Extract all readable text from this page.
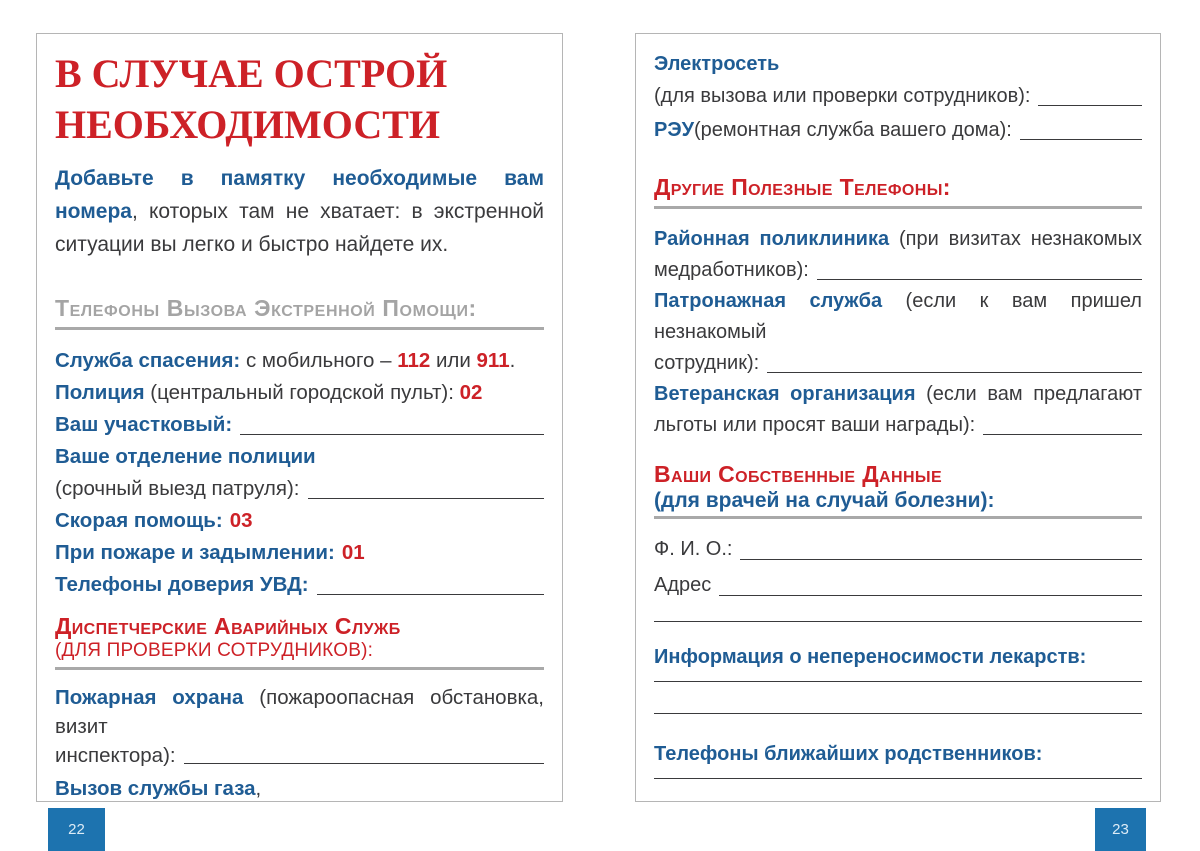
В СЛУЧАЕ ОСТРОЙ НЕОБХОДИМОСТИ

Добавьте в памятку необходимые вам номера, которых там не хватает: в экстренной ситуации вы легко и быстро найдете их.

Телефоны Вызова Экстренной Помощи:
Служба спасения: с мобильного – 112 или 911.
Полиция (центральный городской пульт): 02
Ваш участковый:
Ваше отделение полиции
(срочный выезд патруля):
Скорая помощь: 03
При пожаре и задымлении: 01
Телефоны доверия УВД:
Диспетчерские Аварийных Служб
(ДЛЯ ПРОВЕРКИ СОТРУДНИКОВ):
Пожарная охрана (пожароопасная обстановка, визит
инспектора):
Вызов службы газа,
Электросеть
(для вызова или проверки сотрудников):
РЭУ (ремонтная служба вашего дома):
Другие Полезные Телефоны:
Районная поликлиника (при визитах незнакомых
медработников):
Патронажная служба (если к вам пришел незнакомый
сотрудник):
Ветеранская организация (если вам предлагают
льготы или просят ваши награды):
Ваши Собственные Данные
(для врачей на случай болезни):
Ф. И. О.:
Адрес
Информация о непереносимости лекарств:
Телефоны ближайших родственников:
22	23
